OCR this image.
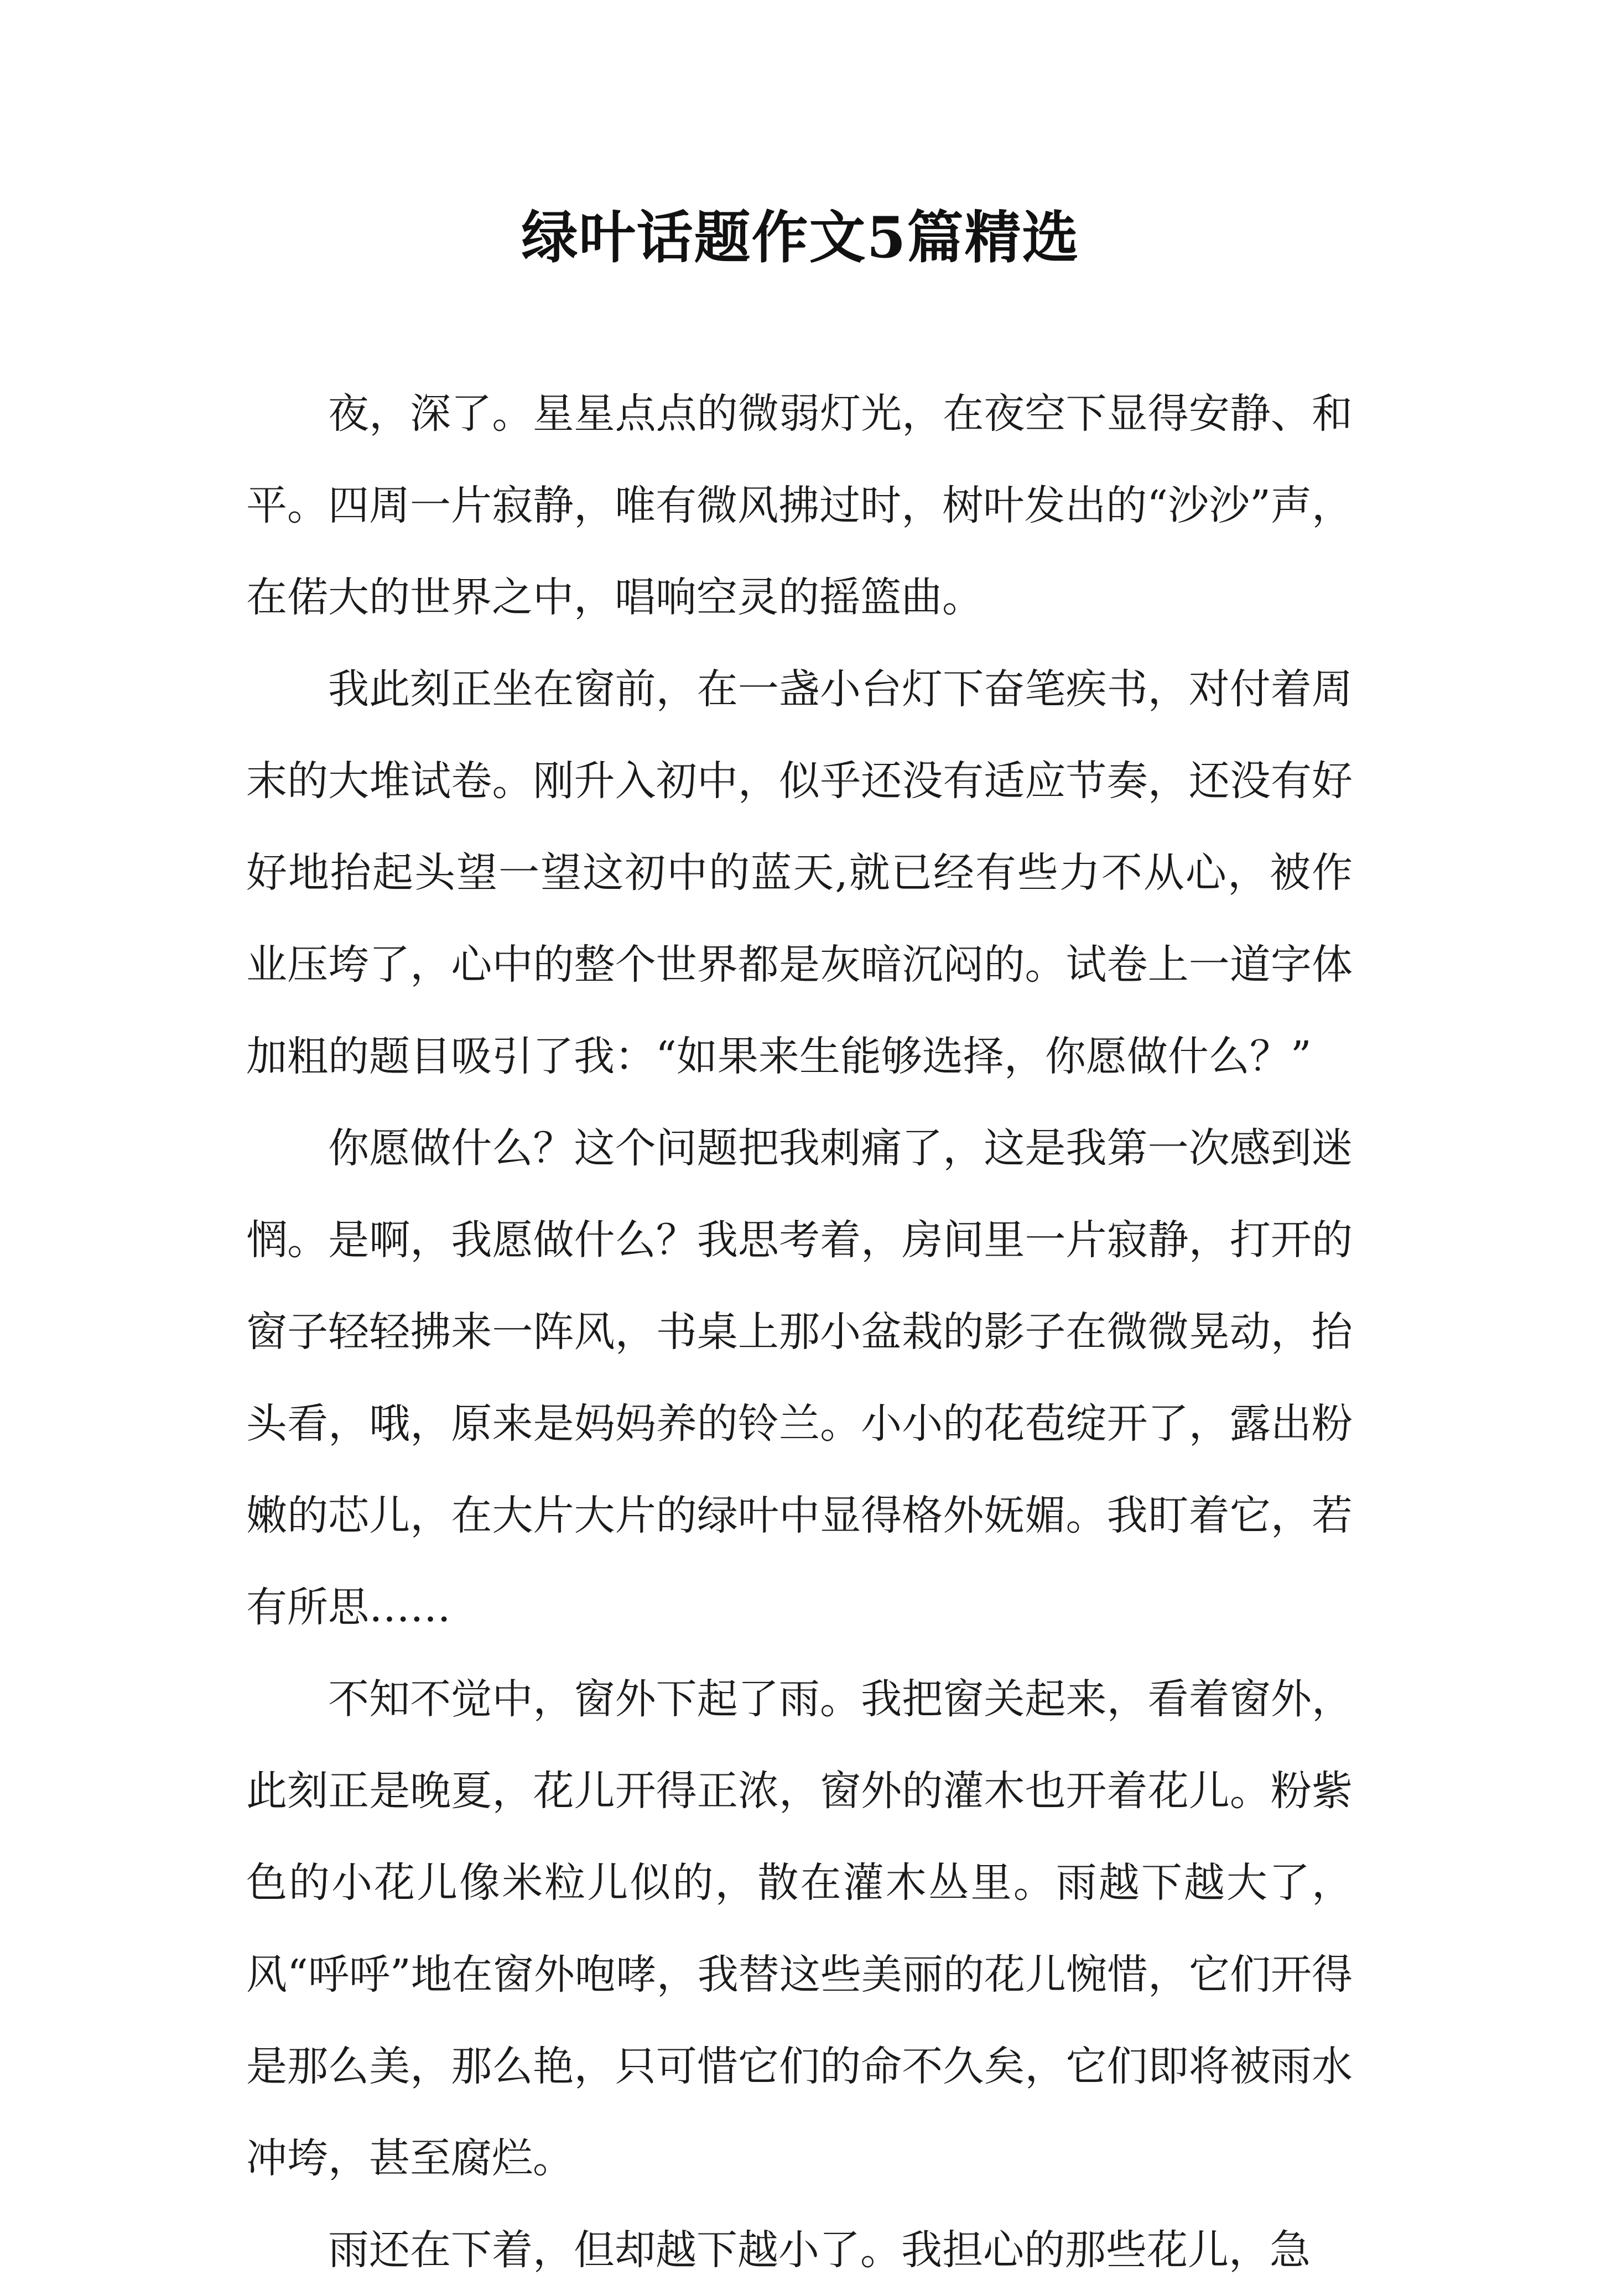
绿叶话题作文5篇精选

夜，深了。星星点点的微弱灯光，在夜空下显得安静、和平。四周一片寂静，唯有微风拂过时，树叶发出的“沙沙”声，在偌大的世界之中，唱响空灵的摇篮曲。

我此刻正坐在窗前，在一盏小台灯下奋笔疾书，对付着周末的大堆试卷。刚升入初中，似乎还没有适应节奏，还没有好好地抬起头望一望这初中的蓝天,就已经有些力不从心，被作业压垮了，心中的整个世界都是灰暗沉闷的。试卷上一道字体加粗的题目吸引了我：“如果来生能够选择，你愿做什么？”

你愿做什么？这个问题把我刺痛了，这是我第一次感到迷惘。是啊，我愿做什么？我思考着，房间里一片寂静，打开的窗子轻轻拂来一阵风，书桌上那小盆栽的影子在微微晃动，抬头看，哦，原来是妈妈养的铃兰。小小的花苞绽开了，露出粉嫩的芯儿，在大片大片的绿叶中显得格外妩媚。我盯着它，若有所思……

不知不觉中，窗外下起了雨。我把窗关起来，看着窗外，此刻正是晚夏，花儿开得正浓，窗外的灌木也开着花儿。粉紫色的小花儿像米粒儿似的，散在灌木丛里。雨越下越大了，风“呼呼”地在窗外咆哮，我替这些美丽的花儿惋惜，它们开得是那么美，那么艳，只可惜它们的命不久矣，它们即将被雨水冲垮，甚至腐烂。

雨还在下着，但却越下越小了。我担心的那些花儿，急
